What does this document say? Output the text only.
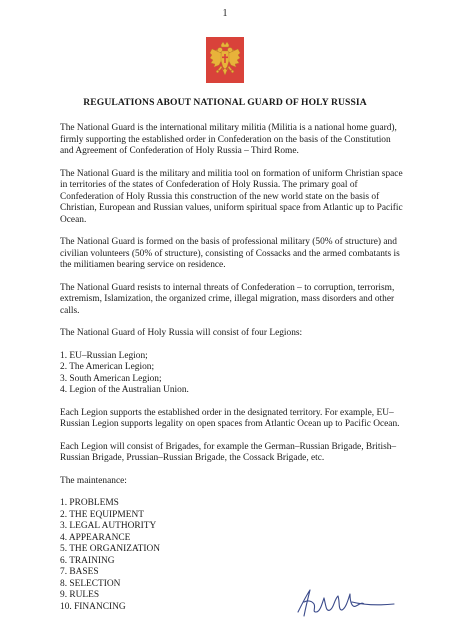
1
REGULATIONS ABOUT NATIONAL GUARD OF HOLY RUSSIA

The National Guard is the international military militia (Militia is a national home guard), firmly supporting the established order in Confederation on the basis of the Constitution and Agreement of Confederation of Holy Russia – Third Rome.

The National Guard is the military and militia tool on formation of uniform Christian space in territories of the states of Confederation of Holy Russia. The primary goal of Confederation of Holy Russia this construction of the new world state on the basis of Christian, European and Russian values, uniform spiritual space from Atlantic up to Pacific Ocean.

The National Guard is formed on the basis of professional military (50% of structure) and civilian volunteers (50% of structure), consisting of Cossacks and the armed combatants is the militiamen bearing service on residence.

The National Guard resists to internal threats of Confederation – to corruption, terrorism, extremism, Islamization, the organized crime, illegal migration, mass disorders and other calls.

The National Guard of Holy Russia will consist of four Legions:

1. EU–Russian Legion;
2. The American Legion;
3. South American Legion;
4. Legion of the Australian Union.

Each Legion supports the established order in the designated territory. For example, EU–Russian Legion supports legality on open spaces from Atlantic Ocean up to Pacific Ocean.

Each Legion will consist of Brigades, for example the German–Russian Brigade, British–Russian Brigade, Prussian–Russian Brigade, the Cossack Brigade, etc.

The maintenance:

1. PROBLEMS
2. THE EQUIPMENT
3. LEGAL AUTHORITY
4. APPEARANCE
5. THE ORGANIZATION
6. TRAINING
7. BASES
8. SELECTION
9. RULES
10. FINANCING
